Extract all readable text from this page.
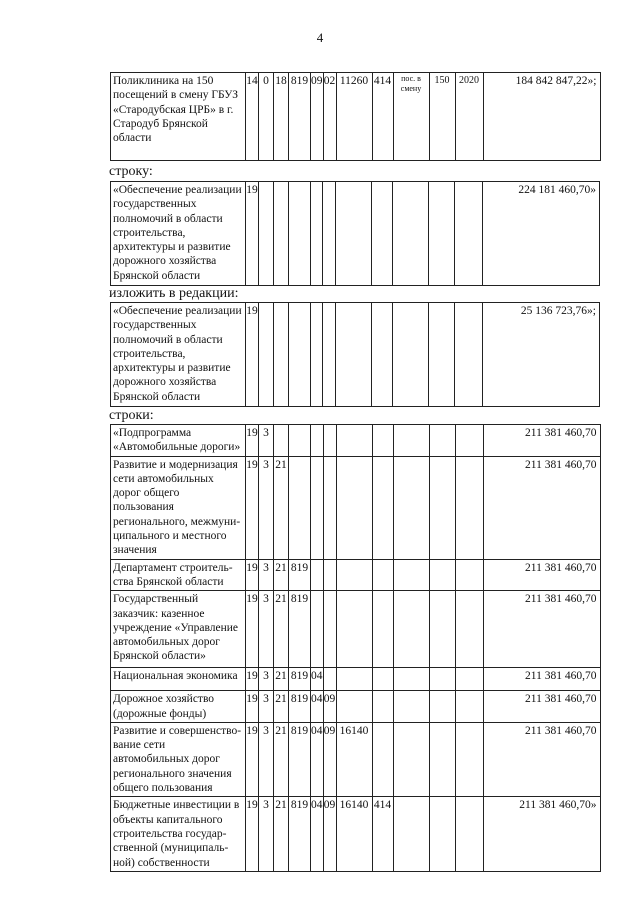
4
Поликлиника на 150 посещений в смену ГБУЗ «Стародубская ЦРБ» в г. Стародуб Брянской области	14	0	18	819	09	02	11260	414	пос. в смену	150	2020	184 842 847,22»;
строку:
«Обеспечение реализации государственных полномочий в области строительства, архитектуры и развитие дорожного хозяйства Брянской области	19											224 181 460,70»
изложить в редакции:
«Обеспечение реализации государственных полномочий в области строительства, архитектуры и развитие дорожного хозяйства Брянской области	19											25 136 723,76»;
строки:
«Подпрограмма «Автомобильные дороги»	19	3										211 381 460,70
Развитие и модернизация сети автомобильных дорог общего пользования регионального, межмуни-ципального и местного значения	19	3	21									211 381 460,70
Департамент строитель-ства Брянской области	19	3	21	819								211 381 460,70
Государственный заказчик: казенное учреждение «Управление автомобильных дорог Брянской области»	19	3	21	819								211 381 460,70
Национальная экономика	19	3	21	819	04							211 381 460,70
Дорожное хозяйство (дорожные фонды)	19	3	21	819	04	09						211 381 460,70
Развитие и совершенство-вание сети автомобильных дорог регионального значения общего пользования	19	3	21	819	04	09	16140					211 381 460,70
Бюджетные инвестиции в объекты капитального строительства государ-ственной (муниципаль-ной) собственности	19	3	21	819	04	09	16140	414				211 381 460,70»
